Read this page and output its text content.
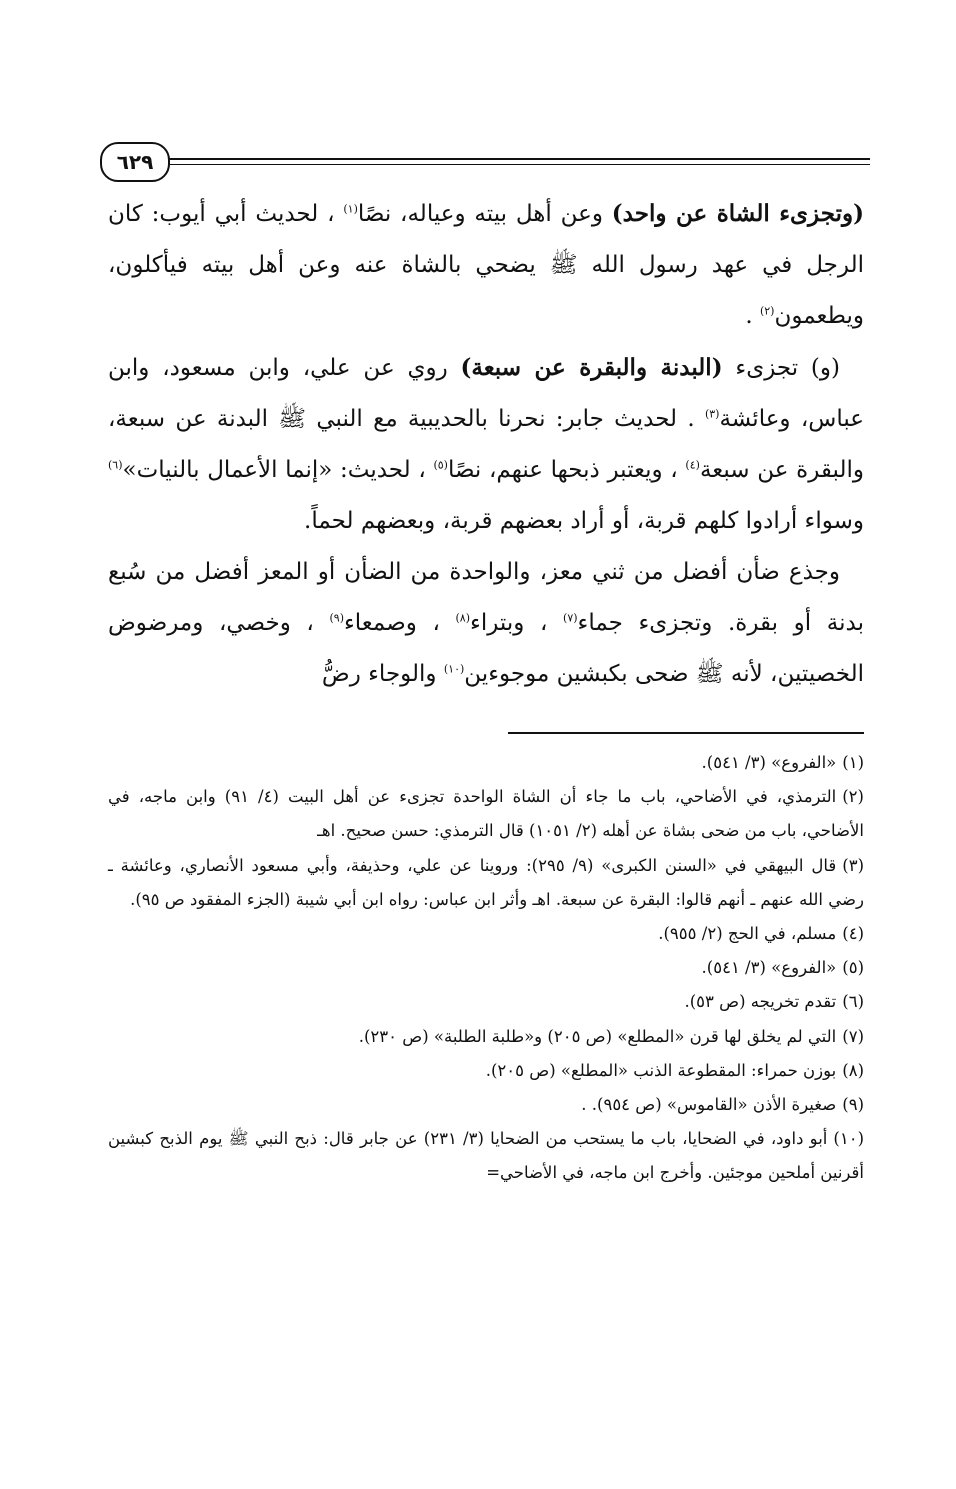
٦٢٩

(وتجزىء الشاة عن واحد) وعن أهل بيته وعياله، نصًا$^{(١)}$ ، لحديث أبي أيوب: كان الرجل في عهد رسول الله ﷺ يضحي بالشاة عنه وعن أهل بيته فيأكلون، ويطعمون$^{(٢)}$ .

(و) تجزىء (البدنة والبقرة عن سبعة) روي عن علي، وابن مسعود، وابن عباس، وعائشة$^{(٣)}$ . لحديث جابر: نحرنا بالحديبية مع النبي ﷺ البدنة عن سبعة، والبقرة عن سبعة$^{(٤)}$ ، ويعتبر ذبحها عنهم، نصًا$^{(٥)}$ ، لحديث: «إنما الأعمال بالنيات»$^{(٦)}$ وسواء أرادوا كلهم قربة، أو أراد بعضهم قربة، وبعضهم لحماً.

وجذع ضأن أفضل من ثني معز، والواحدة من الضأن أو المعز أفضل من سُبع بدنة أو بقرة. وتجزىء جماء$^{(٧)}$ ، وبتراء$^{(٨)}$ ، وصمعاء$^{(٩)}$ ، وخصي، ومرضوض الخصيتين، لأنه ﷺ ضحى بكبشين موجوءين$^{(١٠)}$ والوجاء رضُّ

(١)«الفروع» (٣/ ٥٤١).

(٢)الترمذي، في الأضاحي، باب ما جاء أن الشاة الواحدة تجزىء عن أهل البيت (٤/ ٩١) وابن ماجه، في الأضاحي، باب من ضحى بشاة عن أهله (٢/ ١٠٥١) قال الترمذي: حسن صحيح. اهـ

(٣)قال البيهقي في «السنن الكبرى» (٩/ ٢٩٥): وروينا عن علي، وحذيفة، وأبي مسعود الأنصاري، وعائشة ـ رضي الله عنهم ـ أنهم قالوا: البقرة عن سبعة. اهـ وأثر ابن عباس: رواه ابن أبي شيبة (الجزء المفقود ص ٩٥).

(٤)مسلم، في الحج (٢/ ٩٥٥).

(٥)«الفروع» (٣/ ٥٤١).

(٦)تقدم تخريجه (ص ٥٣).

(٧)التي لم يخلق لها قرن «المطلع» (ص ٢٠٥) و«طلبة الطلبة» (ص ٢٣٠).

(٨)بوزن حمراء: المقطوعة الذنب «المطلع» (ص ٢٠٥).

(٩)صغيرة الأذن «القاموس» (ص ٩٥٤). .

(١٠)أبو داود، في الضحايا، باب ما يستحب من الضحايا (٣/ ٢٣١) عن جابر قال: ذبح النبي ﷺ يوم الذبح كبشين أقرنين أملحين موجئين. وأخرج ابن ماجه، في الأضاحي=
